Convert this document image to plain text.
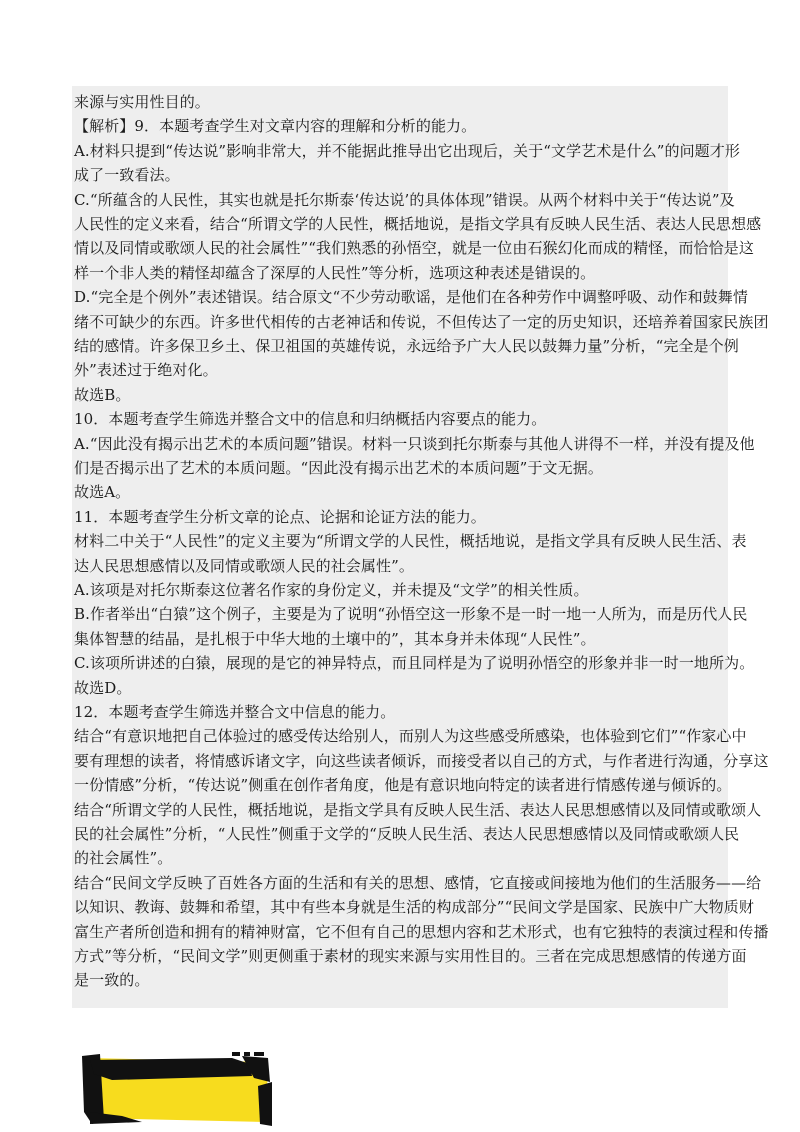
来源与实用性目的。
【解析】9．本题考查学生对文章内容的理解和分析的能力。
A.材料只提到“传达说”影响非常大，并不能据此推导出它出现后，关于“文学艺术是什么”的问题才形
成了一致看法。
C.“所蕴含的人民性，其实也就是托尔斯泰‘传达说’的具体体现”错误。从两个材料中关于“传达说”及
人民性的定义来看，结合“所谓文学的人民性，概括地说，是指文学具有反映人民生活、表达人民思想感
情以及同情或歌颂人民的社会属性”“我们熟悉的孙悟空，就是一位由石猴幻化而成的精怪，而恰恰是这
样一个非人类的精怪却蕴含了深厚的人民性”等分析，选项这种表述是错误的。
D.“完全是个例外”表述错误。结合原文“不少劳动歌谣，是他们在各种劳作中调整呼吸、动作和鼓舞情
绪不可缺少的东西。许多世代相传的古老神话和传说，不但传达了一定的历史知识，还培养着国家民族团
结的感情。许多保卫乡土、保卫祖国的英雄传说，永远给予广大人民以鼓舞力量”分析，“完全是个例
外”表述过于绝对化。
故选B。
10．本题考查学生筛选并整合文中的信息和归纳概括内容要点的能力。
A.“因此没有揭示出艺术的本质问题”错误。材料一只谈到托尔斯泰与其他人讲得不一样，并没有提及他
们是否揭示出了艺术的本质问题。“因此没有揭示出艺术的本质问题”于文无据。
故选A。
11．本题考查学生分析文章的论点、论据和论证方法的能力。
材料二中关于“人民性”的定义主要为“所谓文学的人民性，概括地说，是指文学具有反映人民生活、表
达人民思想感情以及同情或歌颂人民的社会属性”。
A.该项是对托尔斯泰这位著名作家的身份定义，并未提及“文学”的相关性质。
B.作者举出“白猿”这个例子，主要是为了说明“孙悟空这一形象不是一时一地一人所为，而是历代人民
集体智慧的结晶，是扎根于中华大地的土壤中的”，其本身并未体现“人民性”。
C.该项所讲述的白猿，展现的是它的神异特点，而且同样是为了说明孙悟空的形象并非一时一地所为。
故选D。
12．本题考查学生筛选并整合文中信息的能力。
结合“有意识地把自己体验过的感受传达给别人，而别人为这些感受所感染，也体验到它们”“作家心中
要有理想的读者，将情感诉诸文字，向这些读者倾诉，而接受者以自己的方式，与作者进行沟通，分享这
一份情感”分析，“传达说”侧重在创作者角度，他是有意识地向特定的读者进行情感传递与倾诉的。
结合“所谓文学的人民性，概括地说，是指文学具有反映人民生活、表达人民思想感情以及同情或歌颂人
民的社会属性”分析，“人民性”侧重于文学的“反映人民生活、表达人民思想感情以及同情或歌颂人民
的社会属性”。
结合“民间文学反映了百姓各方面的生活和有关的思想、感情，它直接或间接地为他们的生活服务——给
以知识、教诲、鼓舞和希望，其中有些本身就是生活的构成部分”“民间文学是国家、民族中广大物质财
富生产者所创造和拥有的精神财富，它不但有自己的思想内容和艺术形式，也有它独特的表演过程和传播
方式”等分析，“民间文学”则更侧重于素材的现实来源与实用性目的。三者在完成思想感情的传递方面
是一致的。
